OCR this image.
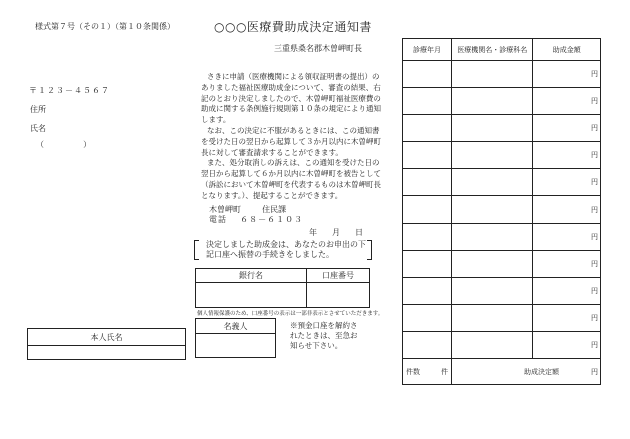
様式第７号（その１）（第１０条関係）	○○○医療費助成決定通知書
三重県桑名郡木曽岬町長
〒１２３－４５６７
住所
氏名
（	）

さきに申請（医療機関による領収証明書の提出）のありました福祉医療助成金について、審査の結果、右記のとおり決定しましたので、木曽岬町福祉医療費の助成に関する条例施行規則第１０条の規定により通知します。

なお、この決定に不服があるときには、この通知書を受けた日の翌日から起算して３か月以内に木曽岬町長に対して審査請求することができます。

また、処分取消しの訴えは、この通知を受けた日の翌日から起算して６か月以内に木曽岬町を被告として（訴訟において木曽岬町を代表するものは木曽岬町長となります。）、提起することができます。

木曽岬町	住民課
電話 ６８－６１０３
年 月 日
決定しました助成金は、あなたのお申出の下記口座へ振替の手続きをしました。
銀行名	口座番号

個人情報保護のため、口座番号の表示は一部非表示とさせていただきます。
名義人	※預金口座を解約されたときは、至急お知らせ下さい。
本人氏名

診療年月	医療機関名・診療科名	助成金額
		円
		円
		円
		円
		円
		円
		円
		円
		円
		円
		円
件数 件	助成決定額 円	
